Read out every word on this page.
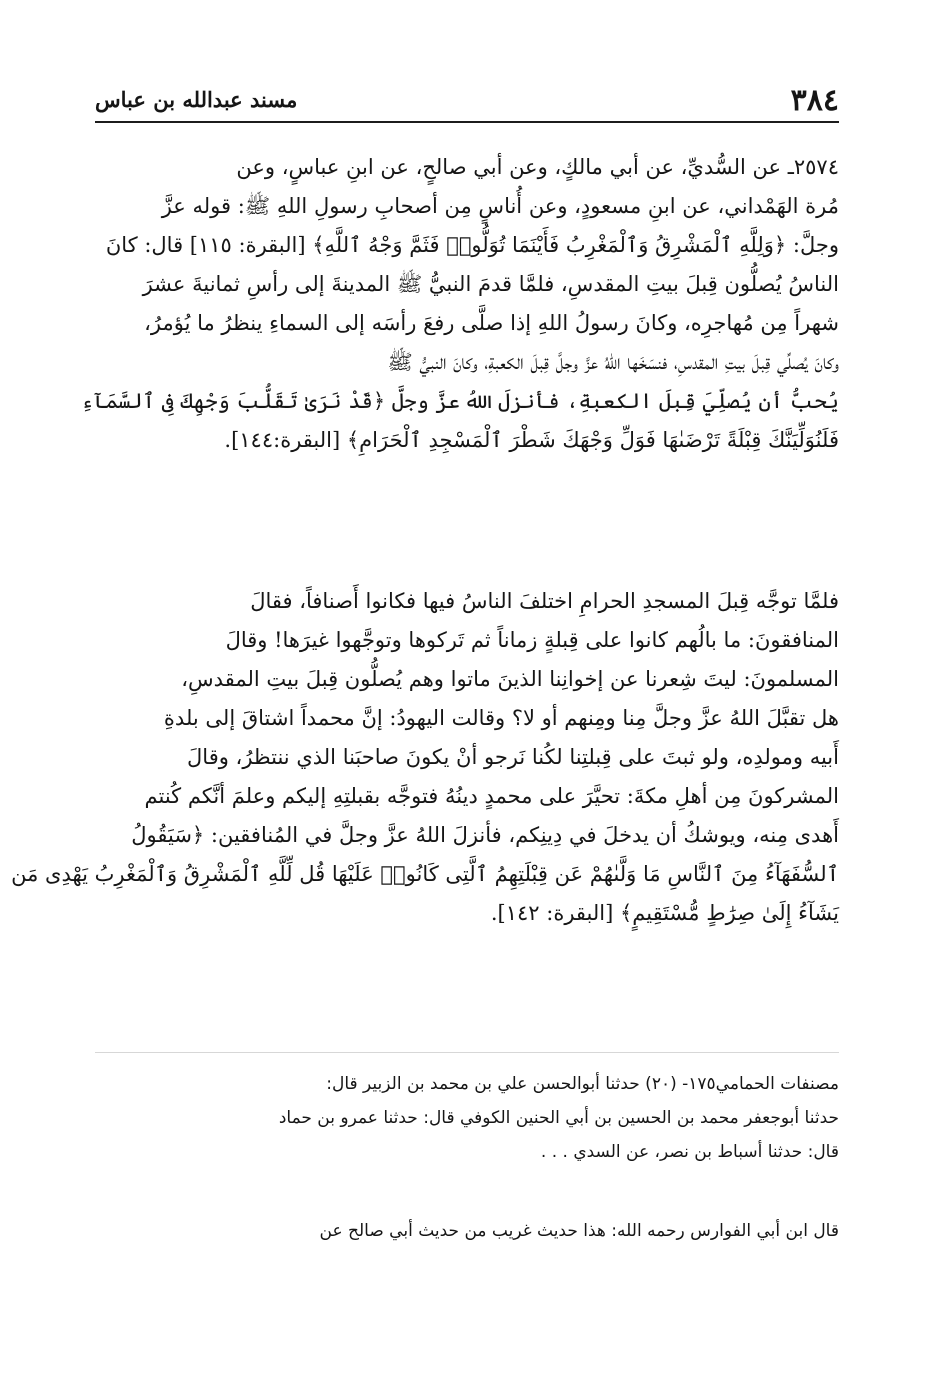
٣٨٤
مسند عبدالله بن عباس
٢٥٧٤ـ عن السُّديِّ، عن أبي مالكٍ، وعن أبي صالحٍ، عن ابنِ عباسٍ، وعن
مُرة الهَمْداني، عن ابنِ مسعودٍ، وعن أُناسٍ مِن أصحابِ رسولِ اللهِ ﷺ: قوله عزَّ
وجلَّ: ﴿وَلِلَّهِ ٱلْمَشْرِقُ وَٱلْمَغْرِبُ فَأَيْنَمَا تُوَلُّوا۟ فَثَمَّ وَجْهُ ٱللَّهِ﴾ [البقرة: ١١٥] قال: كانَ
الناسُ يُصلُّون قِبلَ بيتِ المقدسِ، فلمَّا قدمَ النبيُّ ﷺ المدينةَ إلى رأسِ ثمانيةَ عشرَ
شهراً مِن مُهاجرِه، وكانَ رسولُ اللهِ إذا صلَّى رفعَ رأسَه إلى السماءِ ينظرُ ما يُؤمرُ،
وكانَ يُصلِّي قِبلَ بيتِ المقدسِ، فنسَخَها اللهُ عزَّ وجلَّ قِبلَ الكعبةِ، وكانَ النبيُّ ﷺ
يُحبُّ أن يُصلِّيَ قِبلَ الكعبةِ، فأنزلَ اللهُ عزَّ وجلَّ ﴿قَدْ نَرَىٰ تَقَلُّبَ وَجْهِكَ فِى ٱلسَّمَآءِ
فَلَنُوَلِّيَنَّكَ قِبْلَةً تَرْضَىٰهَا فَوَلِّ وَجْهَكَ شَطْرَ ٱلْمَسْجِدِ ٱلْحَرَامِ﴾ [البقرة:١٤٤].
فلمَّا توجَّه قِبلَ المسجدِ الحرامِ اختلفَ الناسُ فيها فكانوا أَصنافاً، فقالَ
المنافقونَ: ما بالُهم كانوا على قِبلةٍ زماناً ثم تَركوها وتوجَّهوا غيرَها! وقالَ
المسلمونَ: ليتَ شِعرنا عن إخوانِنا الذينَ ماتوا وهم يُصلُّون قِبلَ بيتِ المقدسِ،
هل تقبَّلَ اللهُ عزَّ وجلَّ مِنا ومِنهم أو لا؟ وقالت اليهودُ: إنَّ محمداً اشتاقَ إلى بلدةِ
أَبيه ومولدِه، ولو ثبتَ على قِبلتِنا لكُنا نَرجو أنْ يكونَ صاحبَنا الذي ننتظرُ، وقالَ
المشركونَ مِن أهلِ مكةَ: تحيَّرَ على محمدٍ دينُهُ فتوجَّه بقبلتِهِ إليكم وعلمَ أنَّكم كُنتم
أَهدى مِنه، ويوشكُ أن يدخلَ في دِينِكم، فأنزلَ اللهُ عزَّ وجلَّ في المُنافقين: ﴿سَيَقُولُ
ٱلسُّفَهَآءُ مِنَ ٱلنَّاسِ مَا وَلَّىٰهُمْ عَن قِبْلَتِهِمُ ٱلَّتِى كَانُوا۟ عَلَيْهَا قُل لِّلَّهِ ٱلْمَشْرِقُ وَٱلْمَغْرِبُ يَهْدِى مَن
يَشَآءُ إِلَىٰ صِرَٰطٍ مُّسْتَقِيمٍ﴾ [البقرة: ١٤٢].
مصنفات الحمامي١٧٥- (٢٠) حدثنا أبوالحسن علي بن محمد بن الزبير قال:
حدثنا أبوجعفر محمد بن الحسين بن أبي الحنين الكوفي قال: حدثنا عمرو بن حماد
قال: حدثنا أسباط بن نصر، عن السدي . . .
قال ابن أبي الفوارس رحمه الله: هذا حديث غريب من حديث أبي صالح عن
